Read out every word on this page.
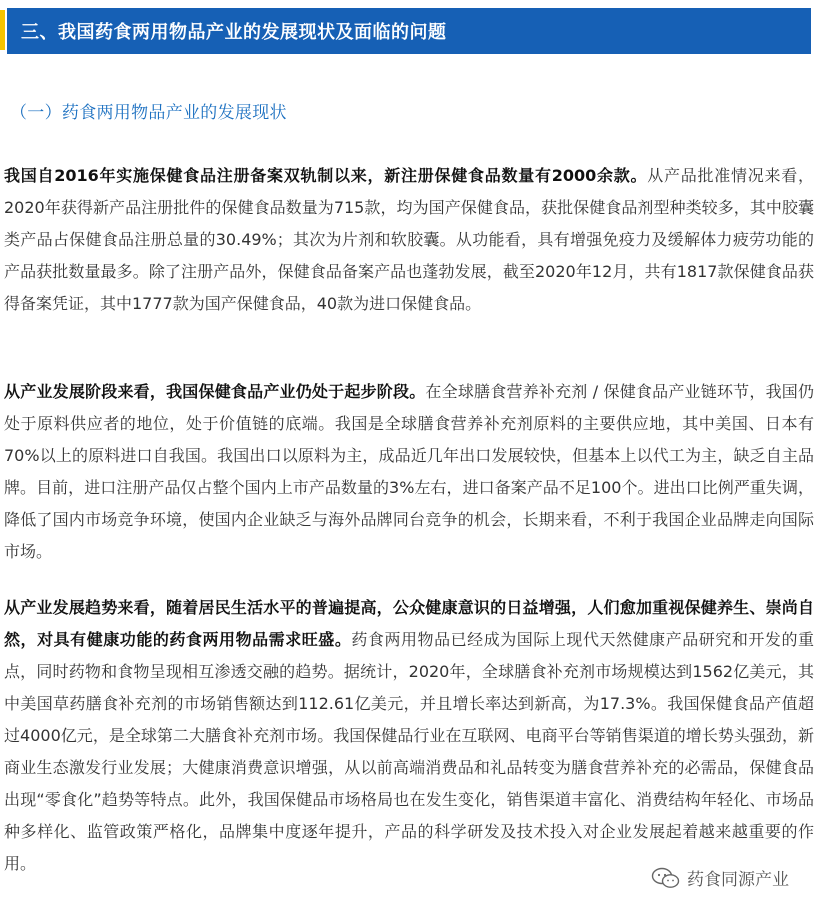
三、我国药食两用物品产业的发展现状及面临的问题
（一）药食两用物品产业的发展现状

我国自2016年实施保健食品注册备案双轨制以来，新注册保健食品数量有2000余款。从产品批准情况来看，2020年获得新产品注册批件的保健食品数量为715款，均为国产保健食品，获批保健食品剂型种类较多，其中胶囊类产品占保健食品注册总量的30.49%；其次为片剂和软胶囊。从功能看，具有增强免疫力及缓解体力疲劳功能的产品获批数量最多。除了注册产品外，保健食品备案产品也蓬勃发展，截至2020年12月，共有1817款保健食品获得备案凭证，其中1777款为国产保健食品，40款为进口保健食品。

从产业发展阶段来看，我国保健食品产业仍处于起步阶段。在全球膳食营养补充剂 / 保健食品产业链环节，我国仍处于原料供应者的地位，处于价值链的底端。我国是全球膳食营养补充剂原料的主要供应地，其中美国、日本有70%以上的原料进口自我国。我国出口以原料为主，成品近几年出口发展较快，但基本上以代工为主，缺乏自主品牌。目前，进口注册产品仅占整个国内上市产品数量的3%左右，进口备案产品不足100个。进出口比例严重失调，降低了国内市场竞争环境，使国内企业缺乏与海外品牌同台竞争的机会，长期来看，不利于我国企业品牌走向国际市场。

从产业发展趋势来看，随着居民生活水平的普遍提高，公众健康意识的日益增强，人们愈加重视保健养生、崇尚自然，对具有健康功能的药食两用物品需求旺盛。药食两用物品已经成为国际上现代天然健康产品研究和开发的重点，同时药物和食物呈现相互渗透交融的趋势。据统计，2020年，全球膳食补充剂市场规模达到1562亿美元，其中美国草药膳食补充剂的市场销售额达到112.61亿美元，并且增长率达到新高，为17.3%。我国保健食品产值超过4000亿元，是全球第二大膳食补充剂市场。我国保健品行业在互联网、电商平台等销售渠道的增长势头强劲，新商业生态激发行业发展；大健康消费意识增强，从以前高端消费品和礼品转变为膳食营养补充的必需品，保健食品出现“零食化”趋势等特点。此外，我国保健品市场格局也在发生变化，销售渠道丰富化、消费结构年轻化、市场品种多样化、监管政策严格化，品牌集中度逐年提升，产品的科学研发及技术投入对企业发展起着越来越重要的作用。

药食同源产业
